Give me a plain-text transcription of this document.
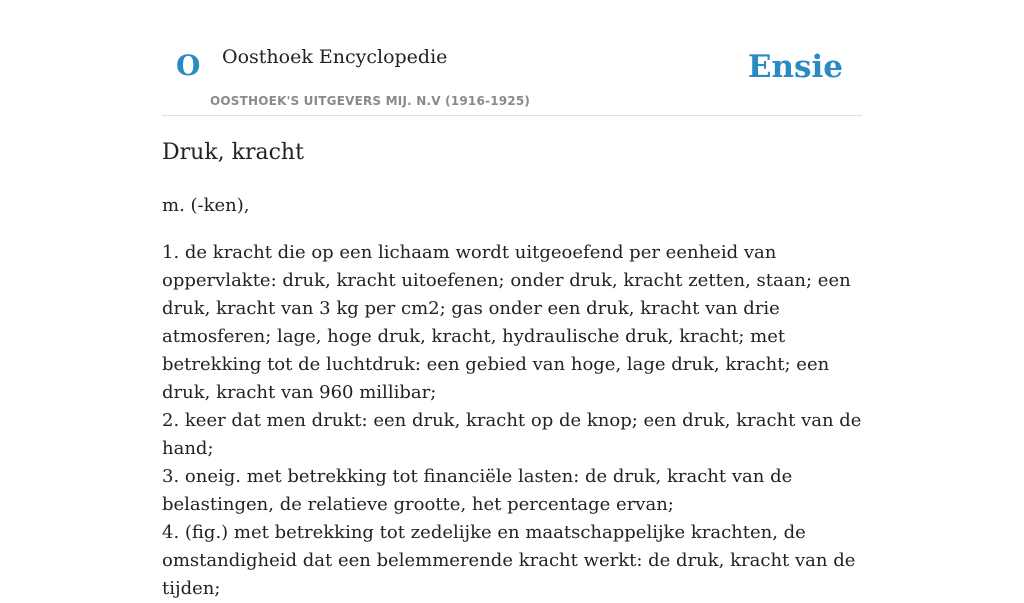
O Oosthoek Encyclopedie
OOSTHOEK'S UITGEVERS MIJ. N.V (1916-1925)
Ensie
Druk, kracht

m. (-ken),

1. de kracht die op een lichaam wordt uitgeoefend per eenheid van oppervlakte: druk, kracht uitoefenen; onder druk, kracht zetten, staan; een druk, kracht van 3 kg per cm2; gas onder een druk, kracht van drie atmosferen; lage, hoge druk, kracht, hydraulische druk, kracht; met betrekking tot de luchtdruk: een gebied van hoge, lage druk, kracht; een druk, kracht van 960 millibar;
2. keer dat men drukt: een druk, kracht op de knop; een druk, kracht van de hand;
3. oneig. met betrekking tot financiële lasten: de druk, kracht van de belastingen, de relatieve grootte, het percentage ervan;
4. (fig.) met betrekking tot zedelijke en maatschappelijke krachten, de omstandigheid dat een belemmerende kracht werkt: de druk, kracht van de tijden;
